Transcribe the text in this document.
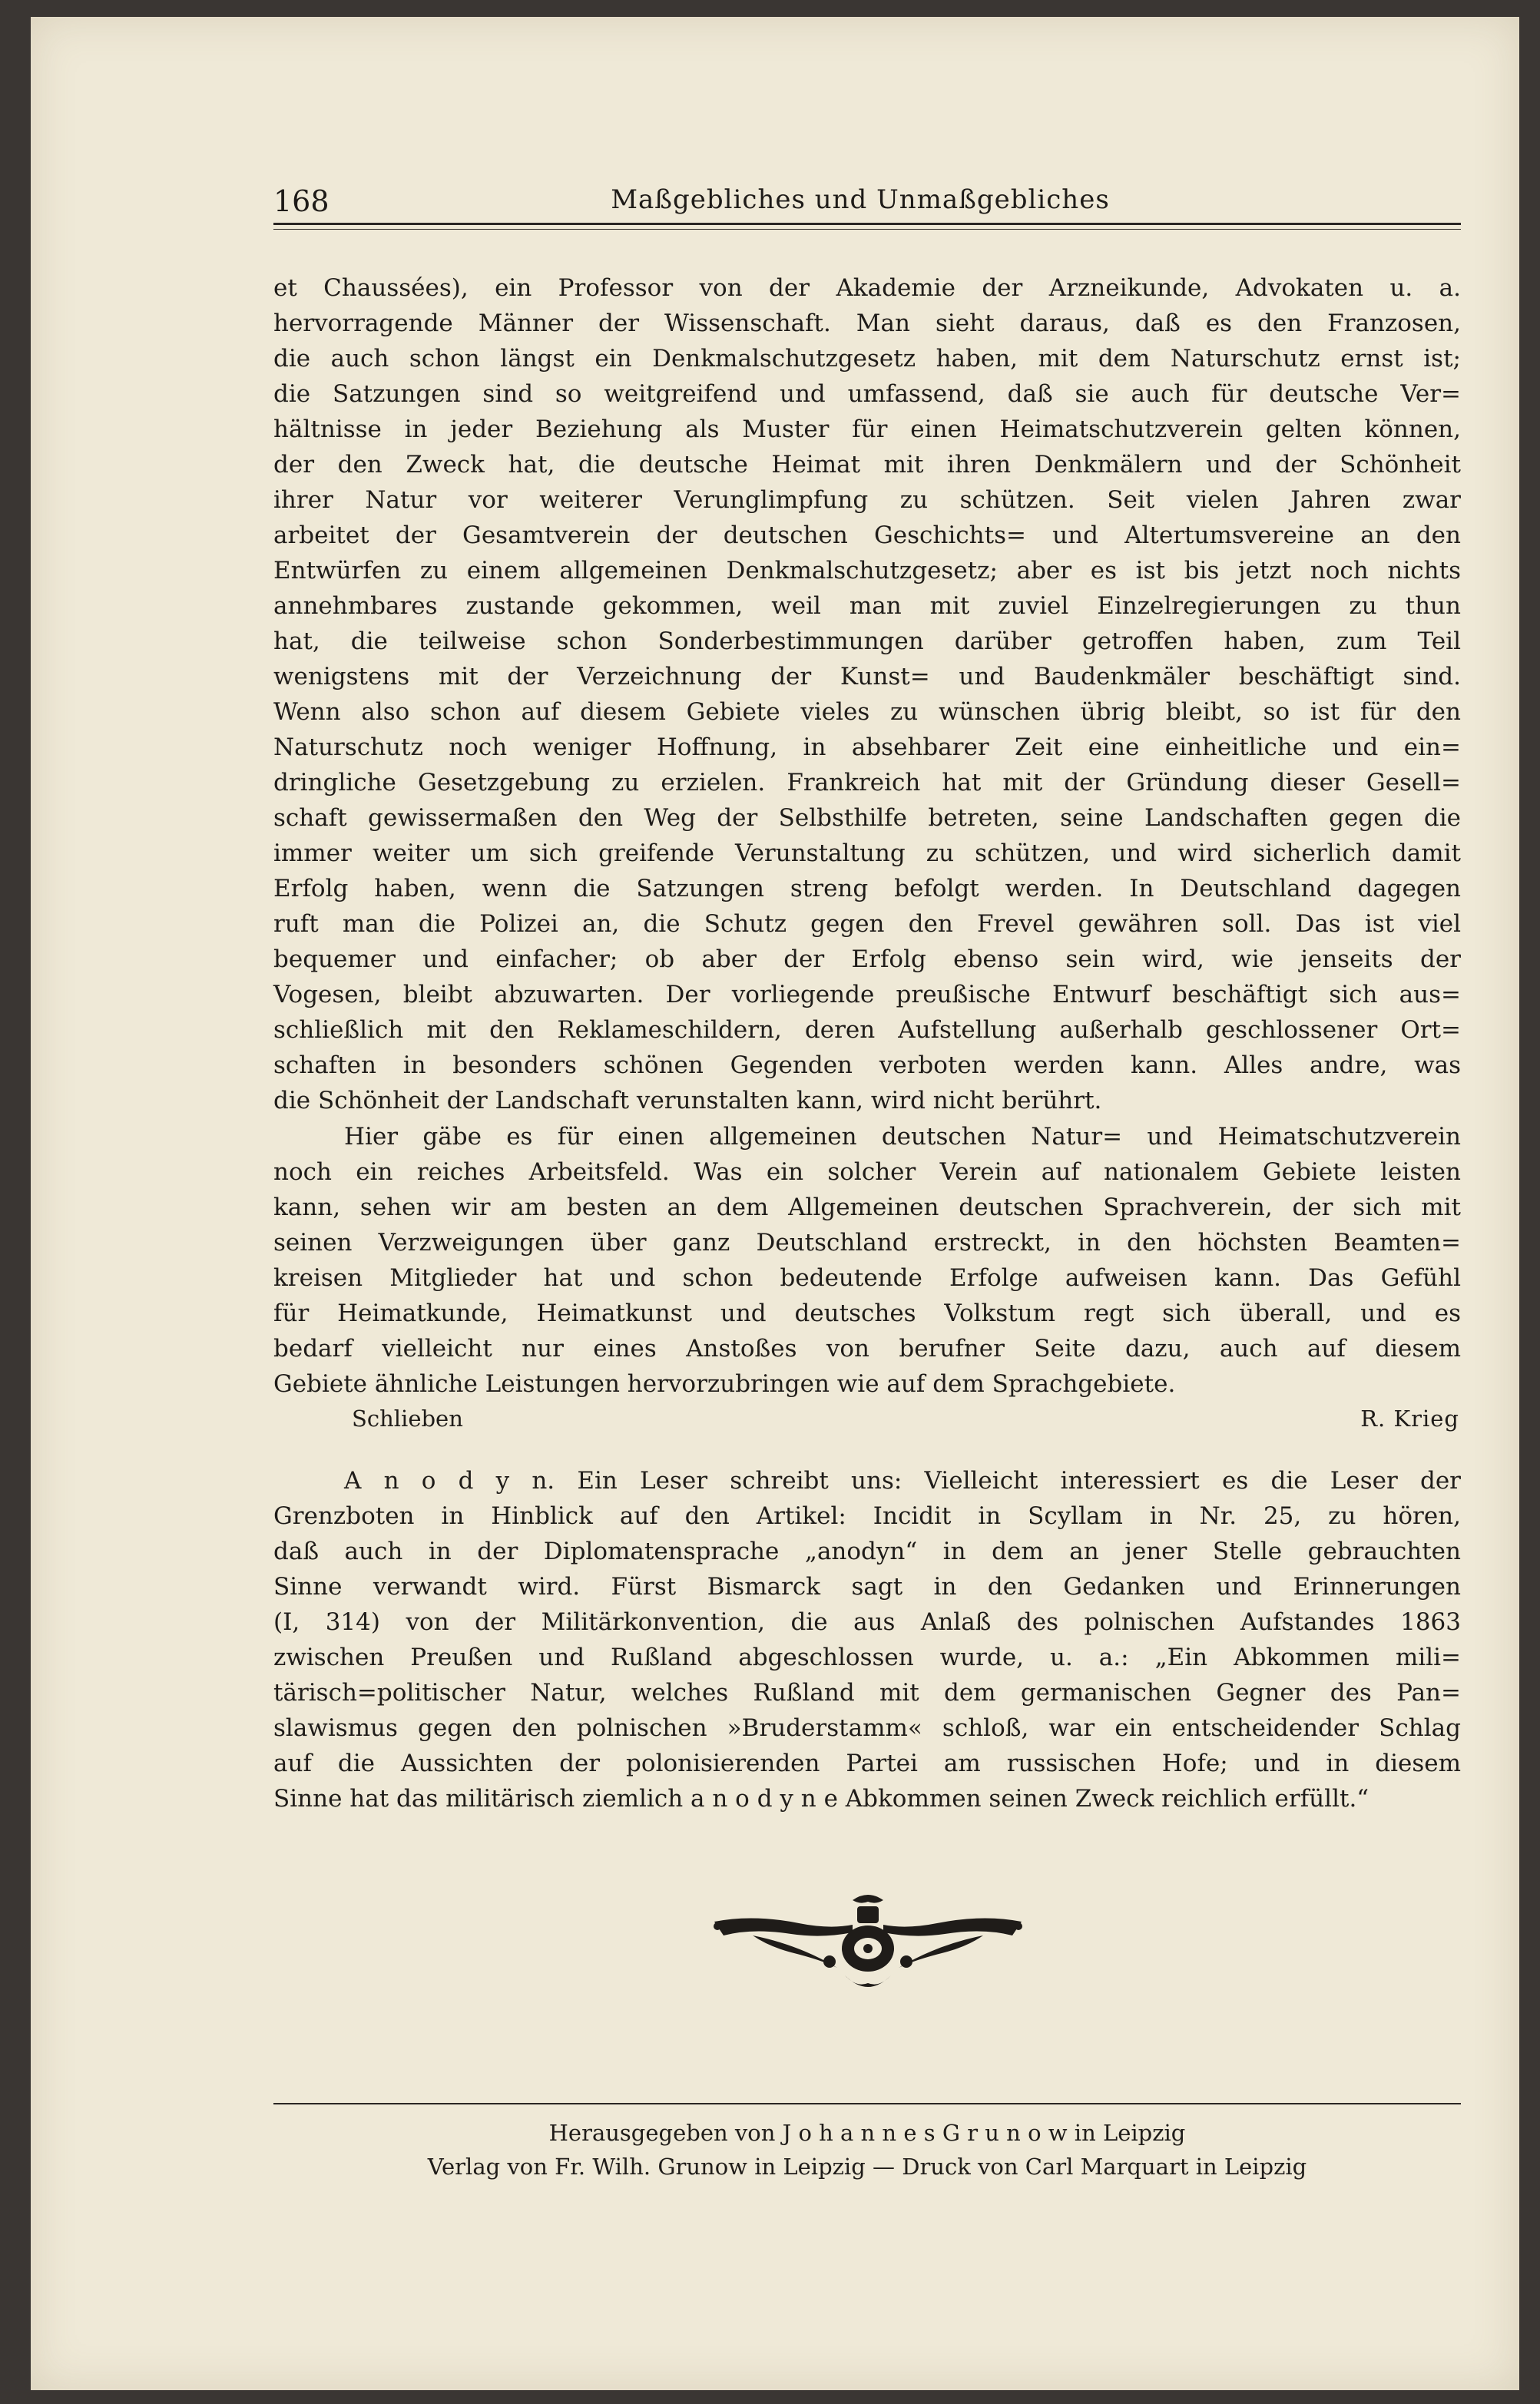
168	Maßgebliches und Unmaßgebliches
et Chaussées), ein Professor von der Akademie der Arzneikunde, Advokaten u. a.
hervorragende Männer der Wissenschaft. Man sieht daraus, daß es den Franzosen,
die auch schon längst ein Denkmalschutzgesetz haben, mit dem Naturschutz ernst ist;
die Satzungen sind so weitgreifend und umfassend, daß sie auch für deutsche Ver=
hältnisse in jeder Beziehung als Muster für einen Heimatschutzverein gelten können,
der den Zweck hat, die deutsche Heimat mit ihren Denkmälern und der Schönheit
ihrer Natur vor weiterer Verunglimpfung zu schützen. Seit vielen Jahren zwar
arbeitet der Gesamtverein der deutschen Geschichts= und Altertumsvereine an den
Entwürfen zu einem allgemeinen Denkmalschutzgesetz; aber es ist bis jetzt noch nichts
annehmbares zustande gekommen, weil man mit zuviel Einzelregierungen zu thun
hat, die teilweise schon Sonderbestimmungen darüber getroffen haben, zum Teil
wenigstens mit der Verzeichnung der Kunst= und Baudenkmäler beschäftigt sind.
Wenn also schon auf diesem Gebiete vieles zu wünschen übrig bleibt, so ist für den
Naturschutz noch weniger Hoffnung, in absehbarer Zeit eine einheitliche und ein=
dringliche Gesetzgebung zu erzielen. Frankreich hat mit der Gründung dieser Gesell=
schaft gewissermaßen den Weg der Selbsthilfe betreten, seine Landschaften gegen die
immer weiter um sich greifende Verunstaltung zu schützen, und wird sicherlich damit
Erfolg haben, wenn die Satzungen streng befolgt werden. In Deutschland dagegen
ruft man die Polizei an, die Schutz gegen den Frevel gewähren soll. Das ist viel
bequemer und einfacher; ob aber der Erfolg ebenso sein wird, wie jenseits der
Vogesen, bleibt abzuwarten. Der vorliegende preußische Entwurf beschäftigt sich aus=
schließlich mit den Reklameschildern, deren Aufstellung außerhalb geschlossener Ort=
schaften in besonders schönen Gegenden verboten werden kann. Alles andre, was
die Schönheit der Landschaft verunstalten kann, wird nicht berührt.
Hier gäbe es für einen allgemeinen deutschen Natur= und Heimatschutzverein
noch ein reiches Arbeitsfeld. Was ein solcher Verein auf nationalem Gebiete leisten
kann, sehen wir am besten an dem Allgemeinen deutschen Sprachverein, der sich mit
seinen Verzweigungen über ganz Deutschland erstreckt, in den höchsten Beamten=
kreisen Mitglieder hat und schon bedeutende Erfolge aufweisen kann. Das Gefühl
für Heimatkunde, Heimatkunst und deutsches Volkstum regt sich überall, und es
bedarf vielleicht nur eines Anstoßes von berufner Seite dazu, auch auf diesem
Gebiete ähnliche Leistungen hervorzubringen wie auf dem Sprachgebiete.
Schlieben	R. Krieg
A n o d y n. Ein Leser schreibt uns: Vielleicht interessiert es die Leser der
Grenzboten in Hinblick auf den Artikel: Incidit in Scyllam in Nr. 25, zu hören,
daß auch in der Diplomatensprache „anodyn“ in dem an jener Stelle gebrauchten
Sinne verwandt wird. Fürst Bismarck sagt in den Gedanken und Erinnerungen
(I, 314) von der Militärkonvention, die aus Anlaß des polnischen Aufstandes 1863
zwischen Preußen und Rußland abgeschlossen wurde, u. a.: „Ein Abkommen mili=
tärisch=politischer Natur, welches Rußland mit dem germanischen Gegner des Pan=
slawismus gegen den polnischen »Bruderstamm« schloß, war ein entscheidender Schlag
auf die Aussichten der polonisierenden Partei am russischen Hofe; und in diesem
Sinne hat das militärisch ziemlich a n o d y n e Abkommen seinen Zweck reichlich erfüllt.“
Herausgegeben von J o h a n n e s G r u n o w in Leipzig
Verlag von Fr. Wilh. Grunow in Leipzig — Druck von Carl Marquart in Leipzig
